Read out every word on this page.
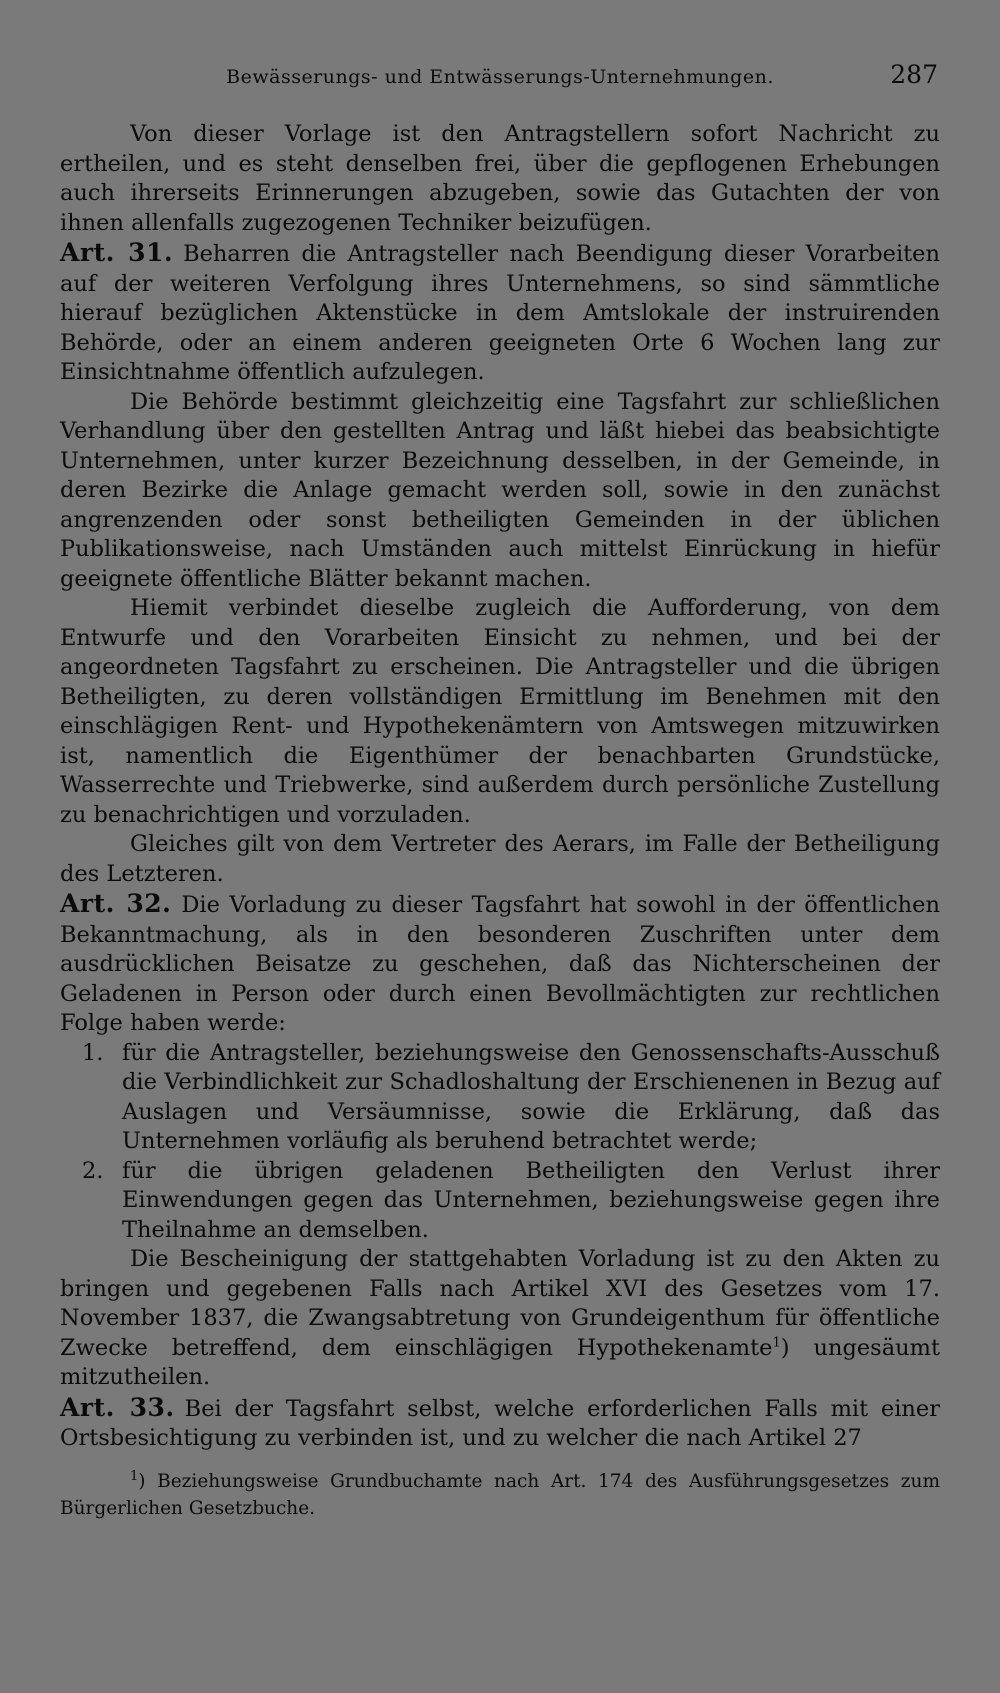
Bewässerungs- und Entwässerungs-Unternehmungen.	287

Von dieser Vorlage ist den Antragstellern sofort Nachricht zu ertheilen, und es steht denselben frei, über die gepflogenen Erhebungen auch ihrerseits Erinnerungen abzugeben, sowie das Gutachten der von ihnen allenfalls zugezogenen Techniker beizufügen.

Art. 31. Beharren die Antragsteller nach Beendigung dieser Vorarbeiten auf der weiteren Verfolgung ihres Unternehmens, so sind sämmtliche hierauf bezüglichen Aktenstücke in dem Amtslokale der instruirenden Behörde, oder an einem anderen geeigneten Orte 6 Wochen lang zur Einsichtnahme öffentlich aufzulegen.

Die Behörde bestimmt gleichzeitig eine Tagsfahrt zur schließlichen Verhandlung über den gestellten Antrag und läßt hiebei das beabsichtigte Unternehmen, unter kurzer Bezeichnung desselben, in der Gemeinde, in deren Bezirke die Anlage gemacht werden soll, sowie in den zunächst angrenzenden oder sonst betheiligten Gemeinden in der üblichen Publikationsweise, nach Umständen auch mittelst Einrückung in hiefür geeignete öffentliche Blätter bekannt machen.

Hiemit verbindet dieselbe zugleich die Aufforderung, von dem Entwurfe und den Vorarbeiten Einsicht zu nehmen, und bei der angeordneten Tagsfahrt zu erscheinen. Die Antragsteller und die übrigen Betheiligten, zu deren vollständigen Ermittlung im Benehmen mit den einschlägigen Rent- und Hypothekenämtern von Amtswegen mitzuwirken ist, namentlich die Eigenthümer der benachbarten Grundstücke, Wasserrechte und Triebwerke, sind außerdem durch persönliche Zustellung zu benachrichtigen und vorzuladen.

Gleiches gilt von dem Vertreter des Aerars, im Falle der Betheiligung des Letzteren.

Art. 32. Die Vorladung zu dieser Tagsfahrt hat sowohl in der öffentlichen Bekanntmachung, als in den besonderen Zuschriften unter dem ausdrücklichen Beisatze zu geschehen, daß das Nichterscheinen der Geladenen in Person oder durch einen Bevollmächtigten zur rechtlichen Folge haben werde:

1. für die Antragsteller, beziehungsweise den Genossenschafts-Ausschuß die Verbindlichkeit zur Schadloshaltung der Erschienenen in Bezug auf Auslagen und Versäumnisse, sowie die Erklärung, daß das Unternehmen vorläufig als beruhend betrachtet werde;
2. für die übrigen geladenen Betheiligten den Verlust ihrer Einwendungen gegen das Unternehmen, beziehungsweise gegen ihre Theilnahme an demselben.

Die Bescheinigung der stattgehabten Vorladung ist zu den Akten zu bringen und gegebenen Falls nach Artikel XVI des Gesetzes vom 17. November 1837, die Zwangsabtretung von Grundeigenthum für öffentliche Zwecke betreffend, dem einschlägigen Hypothekenamte$^1$) ungesäumt mitzutheilen.

Art. 33. Bei der Tagsfahrt selbst, welche erforderlichen Falls mit einer Ortsbesichtigung zu verbinden ist, und zu welcher die nach Artikel 27

$^1$) Beziehungsweise Grundbuchamte nach Art. 174 des Ausführungsgesetzes zum Bürgerlichen Gesetzbuche.
